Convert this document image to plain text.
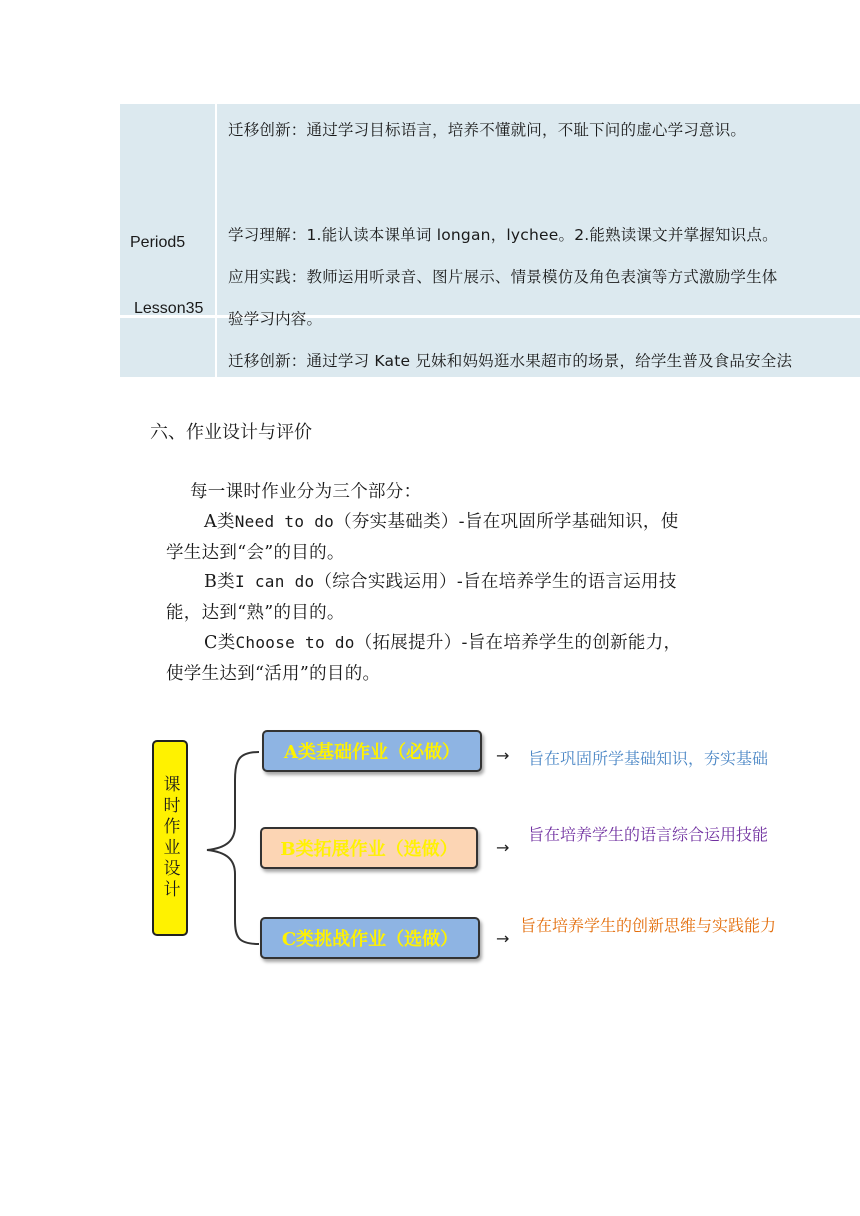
迁移创新：通过学习目标语言，培养不懂就问，不耻下问的虚心学习意识。
Period5
Lesson35
学习理解：1.能认读本课单词 longan，lychee。2.能熟读课文并掌握知识点。
应用实践：教师运用听录音、图片展示、情景模仿及角色表演等方式激励学生体
验学习内容。
迁移创新：通过学习 Kate 兄妹和妈妈逛水果超市的场景，给学生普及食品安全法
六、作业设计与评价
每一课时作业分为三个部分：
A类Need to do（夯实基础类）-旨在巩固所学基础知识，使
学生达到“会”的目的。
B类I can do（综合实践运用）-旨在培养学生的语言运用技
能，达到“熟”的目的。
C类Choose to do（拓展提升）-旨在培养学生的创新能力，
使学生达到“活用”的目的。
课时作业设计
A类基础作业（必做）
B类拓展作业（选做）
C类挑战作业（选做）
→
→
→
旨在巩固所学基础知识，夯实基础
旨在培养学生的语言综合运用技能
旨在培养学生的创新思维与实践能力
